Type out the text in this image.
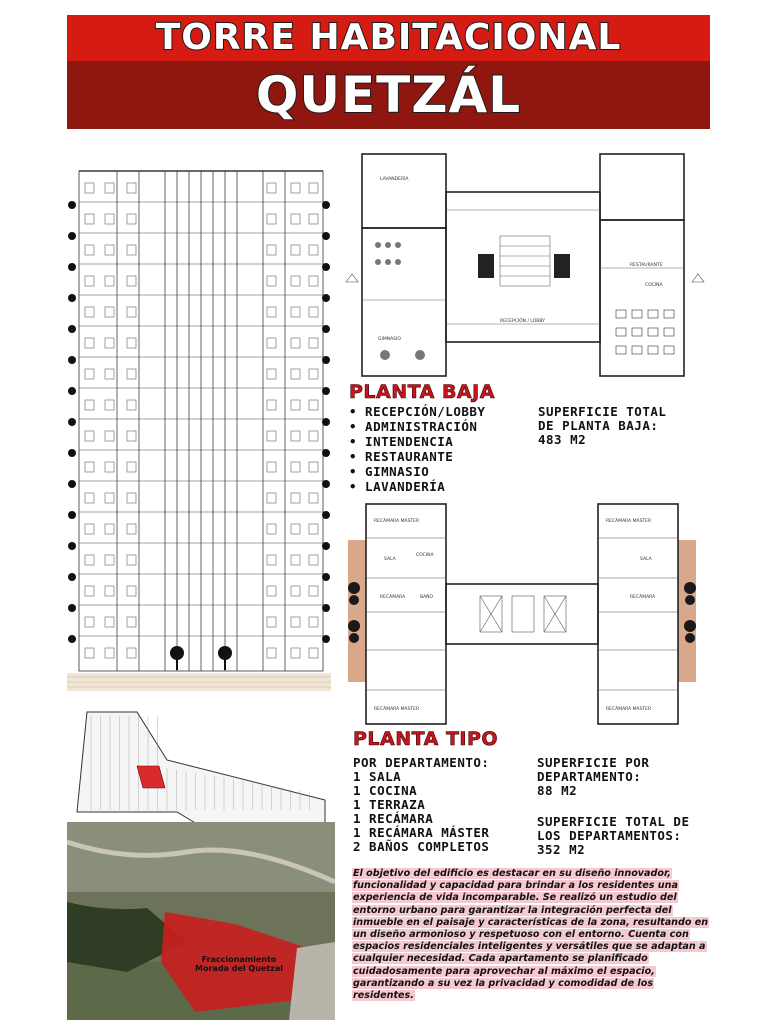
TORRE HABITACIONAL
QUETZÁL
LAVANDERÍA
GIMNASIO
RECEPCIÓN / LOBBY
RESTAURANTE
COCINA
PLANTA BAJA
• RECEPCIÓN/LOBBY
• ADMINISTRACIÓN
• INTENDENCIA
• RESTAURANTE
• GIMNASIO
• LAVANDERÍA
SUPERFICIE TOTAL
DE PLANTA BAJA:
483 M2
RECÁMARA MÁSTER
SALA
COCINA
RECÁMARA	BAÑO
RECÁMARA MÁSTER
SALA
RECÁMARA
RECÁMARA MÁSTER	RECÁMARA MÁSTER
PLANTA TIPO
POR DEPARTAMENTO:
1 SALA
1 COCINA
1 TERRAZA
1 RECÁMARA
1 RECÁMARA MÁSTER
2 BAÑOS COMPLETOS
SUPERFICIE POR
DEPARTAMENTO:
88 M2
SUPERFICIE TOTAL DE
LOS DEPARTAMENTOS:
352 M2
Fraccionamiento
Morada del Quetzal
El objetivo del edificio es destacar en su diseño innovador, funcionalidad y capacidad para brindar a los residentes una experiencia de vida incomparable. Se realizó un estudio del entorno urbano para garantizar la integración perfecta del inmueble en el paisaje y características de la zona, resultando en un diseño armonioso y respetuoso con el entorno. Cuenta con espacios residenciales inteligentes y versátiles que se adaptan a cualquier necesidad. Cada apartamento se planificado cuidadosamente para aprovechar al máximo el espacio, garantizando a su vez la privacidad y comodidad de los residentes.
